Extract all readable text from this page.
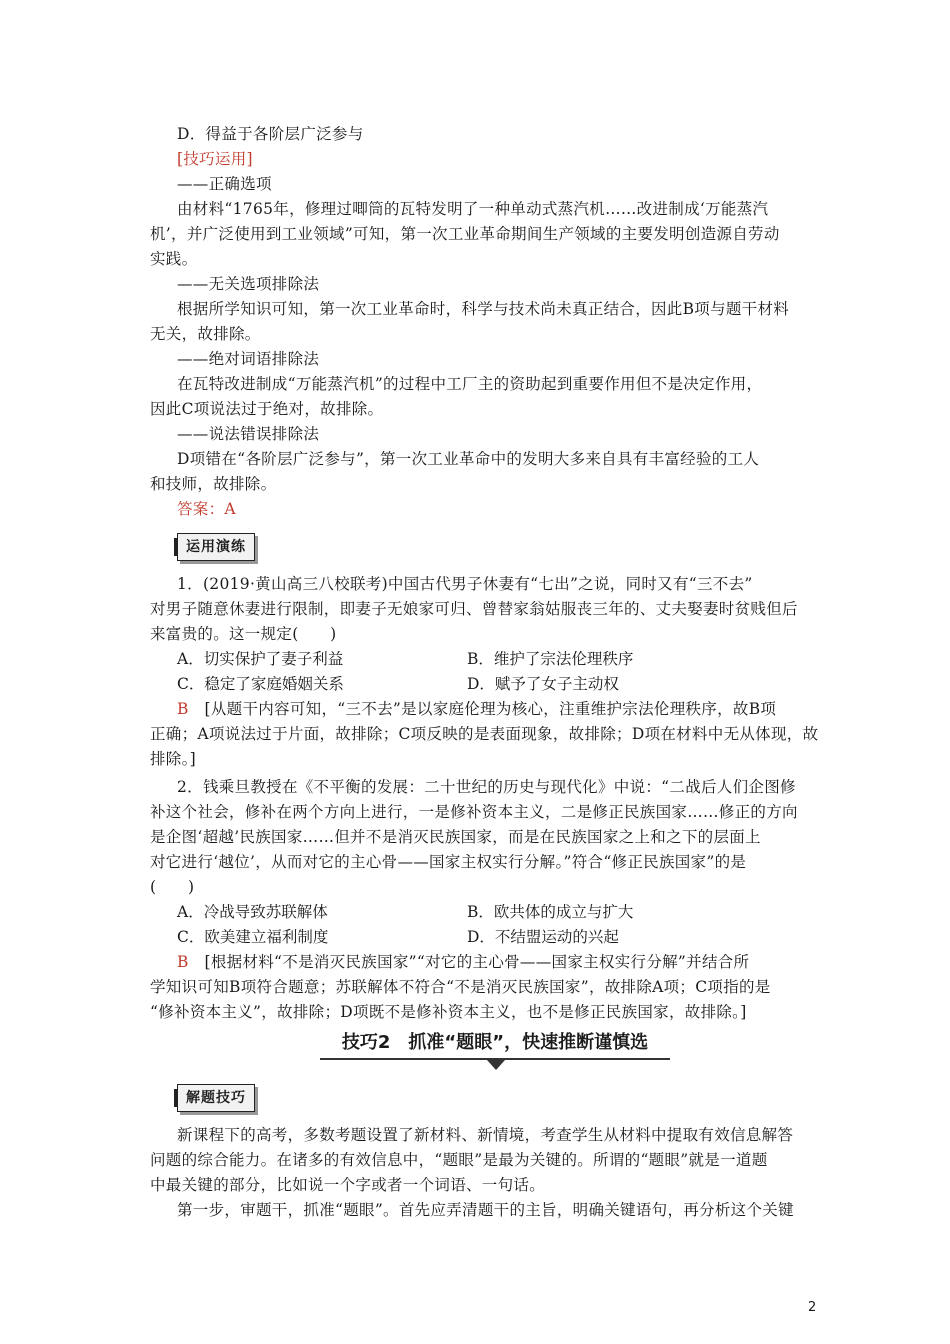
D．得益于各阶层广泛参与
[技巧运用]
——正确选项
由材料“1765年，修理过唧筒的瓦特发明了一种单动式蒸汽机……改进制成‘万能蒸汽
机’，并广泛使用到工业领域”可知，第一次工业革命期间生产领域的主要发明创造源自劳动
实践。
——无关选项排除法
根据所学知识可知，第一次工业革命时，科学与技术尚未真正结合，因此B项与题干材料
无关，故排除。
——绝对词语排除法
在瓦特改进制成“万能蒸汽机”的过程中工厂主的资助起到重要作用但不是决定作用，
因此C项说法过于绝对，故排除。
——说法错误排除法
D项错在“各阶层广泛参与”，第一次工业革命中的发明大多来自具有丰富经验的工人
和技师，故排除。
答案：A
运用演练
1．(2019·黄山高三八校联考)中国古代男子休妻有“七出”之说，同时又有“三不去”
对男子随意休妻进行限制，即妻子无娘家可归、曾替家翁姑服丧三年的、丈夫娶妻时贫贱但后
来富贵的。这一规定(　　)
A．切实保护了妻子利益	B．维护了宗法伦理秩序
C．稳定了家庭婚姻关系	D．赋予了女子主动权
B　[从题干内容可知，“三不去”是以家庭伦理为核心，注重维护宗法伦理秩序，故B项
正确；A项说法过于片面，故排除；C项反映的是表面现象，故排除；D项在材料中无从体现，故
排除。]
2．钱乘旦教授在《不平衡的发展：二十世纪的历史与现代化》中说：“二战后人们企图修
补这个社会，修补在两个方向上进行，一是修补资本主义，二是修正民族国家……修正的方向
是企图‘超越’民族国家……但并不是消灭民族国家，而是在民族国家之上和之下的层面上
对它进行‘越位’，从而对它的主心骨——国家主权实行分解。”符合“修正民族国家”的是
(　　)
A．冷战导致苏联解体	B．欧共体的成立与扩大
C．欧美建立福利制度	D．不结盟运动的兴起
B　[根据材料“不是消灭民族国家”“对它的主心骨——国家主权实行分解”并结合所
学知识可知B项符合题意；苏联解体不符合“不是消灭民族国家”，故排除A项；C项指的是
“修补资本主义”，故排除；D项既不是修补资本主义，也不是修正民族国家，故排除。]
技巧2　抓准“题眼”，快速推断谨慎选
解题技巧
新课程下的高考，多数考题设置了新材料、新情境，考查学生从材料中提取有效信息解答
问题的综合能力。在诸多的有效信息中，“题眼”是最为关键的。所谓的“题眼”就是一道题
中最关键的部分，比如说一个字或者一个词语、一句话。
第一步，审题干，抓准“题眼”。首先应弄清题干的主旨，明确关键语句，再分析这个关键
2
